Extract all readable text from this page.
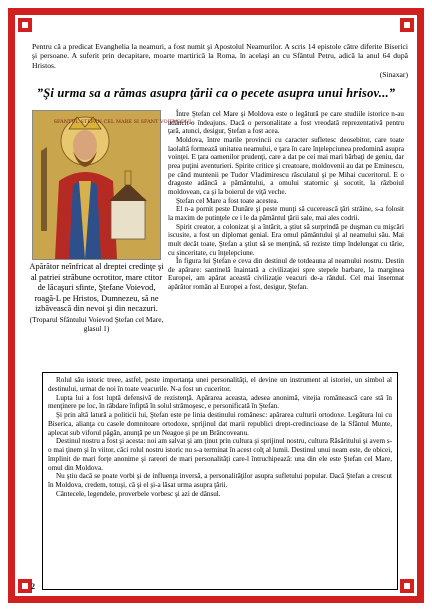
Pentru că a predicat Evanghelia la neamuri, a fost numit şi Apostolul Neamurilor. A scris 14 epistole către diferite Biserici şi persoane. A suferit prin decapitare, moarte martirică la Roma, în acelaşi an cu Sfântul Petru, adică la anul 64 după Hristos.
(Sinaxar)
”Şi urma sa a rămas asupra ţării ca o pecete asupra unui hrisov...”
SFANTUL STEFAN CEL MARE SI SFANT VOIEVODUL
Apărător neînfricat al dreptei credinţe şi al patriei străbune ocrotitor, mare ctitor de lăcaşuri sfinte, Ştefane Voievod, roagă-L pe Hristos, Dumnezeu, să ne izbăvească din nevoi şi din necazuri.
(Troparul Sfântului Voievod Ştefan cel Mare, glasul 1)

Între Ştefan cel Mare şi Moldova este o legătură pe care studiile istorice n-au adâncit-o îndeajuns. Dacă o personalitate a fost vreodată reprezentativă pentru ţară, atunci, desigur, Ştefan a fost acea.

Moldova, între marile provincii cu caracter sufletesc deosebitor, care toate laolaltă formează unitatea neamului, e ţara în care înţelepciunea predomină asupra voinţei. E ţara oamenilor prudenţi, care a dat pe cei mai mari bărbaţi de geniu, dar prea puţini aventurieri. Spirite critice şi creatoare, moldovenii au dat pe Eminescu, pe când muntenii pe Tudor Vladimirescu răsculatul şi pe Mihai cuceritorul. E o dragoste adâncă a pământului, a omului statornic şi socotit, la războiul moldovean, ca şi la boierul de viţă veche.

Ştefan cel Mare a fost toate acestea.

El n-a pornit peste Dunăre şi peste munţi să cucerească ţări străine, s-a folosit la maxim de putinţele ce i le da pământul ţării sale, mai ales codrii.

Spirit creator, a colonizat şi a întărit, a ştiut să surprindă pe duşman cu mişcări iscusite, a fost un diplomat genial. Era omul pământului şi al neamului său. Mai mult decât toate, Ştefan a ştiut să se menţină, să reziste timp îndelungat cu tărie, cu sinceritate, cu înţelepciune.

În figura lui Ştefan e ceva din destinul de totdeauna al neamului nostru. Destin de apărare: santinelă înaintată a civilizaţiei spre stepele barbare, la marginea Europei, am apărat această civilizaţie veacuri de-a rândul. Cel mai însemnat apărător român al Europei a fost, desigur, Ştefan.

Rolul său istoric treee, astfel, peste importanţa unei personalităţi, el devine un instrument al istoriei, un simbol al destinului, urmat de noi în toate veacurile. N-a fost un cuceritor.

Lupta lui a fost luptă defensivă de rezistenţă. Apărarea aceasta, adesea anonimă, vitejia românească care stă în menţinere pe loc, în răbdare înfiptă în solul strămoşesc, e personificată în Ştefan.

Şi prin altă latură a politicii lui, Ştefan este pe linia destinului românesc: apărarea culturii ortodoxe. Legătura lui cu Biserica, alianţa cu casele domnitoare ortodoxe, sprijinul dat marii republici drept-credincioase de la Sfântul Munte, aplecat sub viforul păgân, anunţă pe un Neagoe şi pe un Brâncoveanu.

Destinul nostru a fost şi acesta: noi am salvat şi am ţinut prin cultura şi sprijinul nostru, cultura Răsăritului şi avem s-o mai ţinem şi în viitor, căci rolul nostru istoric nu s-a terminat în acest colţ al lumii. Destinul unui neam este, de obicei, împlinit de mari forţe anonime şi rareori de mari personalităţi care-l întruchipează: una din ele este Ştefan cel Mare, omul din Moldova.

Nu ştiu dacă se poate vorbi şi de influenţa inversă, a personalităţilor asupra sufletului popular. Dacă Ştefan a crescut în Moldova, credem, totuşi, că şi el şi-a lăsat urma asupra ţării.

Cântecele, legendele, proverbele vorbesc şi azi de dânsul.

2
